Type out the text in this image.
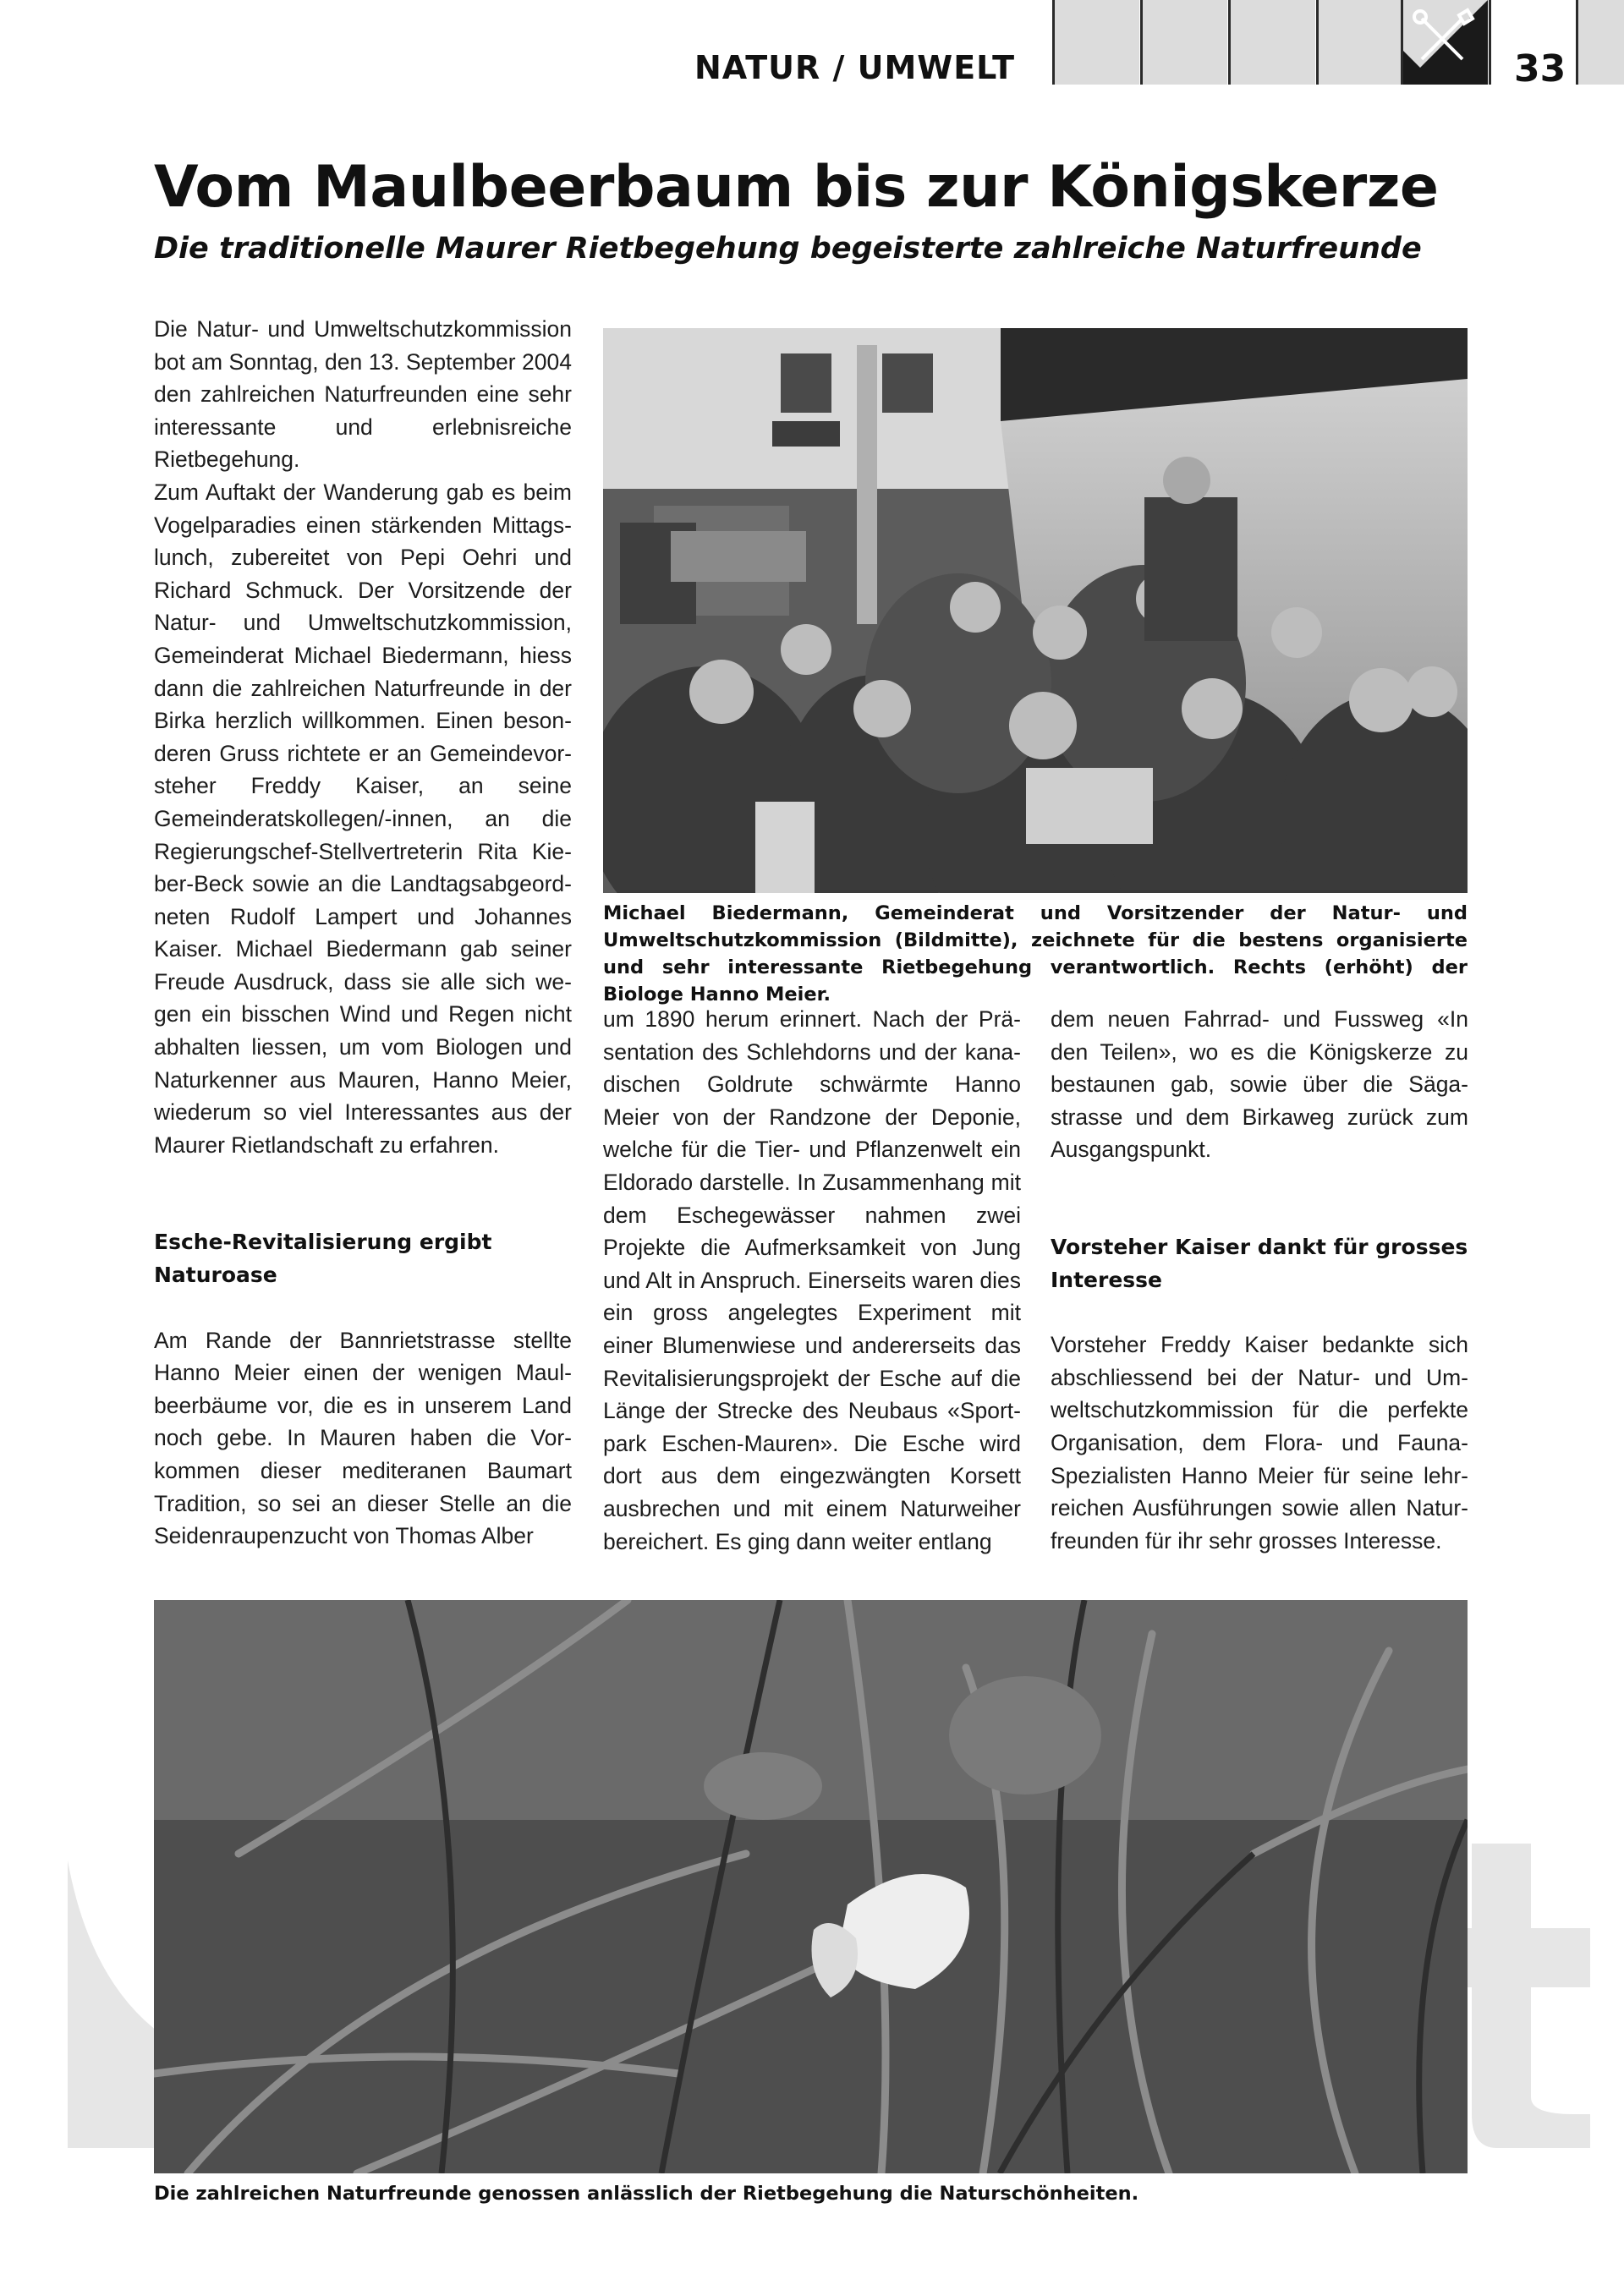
NATUR / UMWELT	33
Vom Maulbeerbaum bis zur Königskerze
Die traditionelle Maurer Rietbegehung begeisterte zahlreiche Naturfreunde

Die Natur- und Umweltschutzkommission bot am Sonntag, den 13. September 2004 den zahlreichen Naturfreunden eine sehr interessante und erlebnisreiche Rietbegehung.

Zum Auftakt der Wanderung gab es beim Vogelparadies einen stärkenden Mittagslunch, zubereitet von Pepi Oehri und Richard Schmuck. Der Vorsitzende der Natur- und Umweltschutzkommission, Gemeinderat Michael Biedermann, hiess dann die zahlreichen Naturfreunde in der Birka herzlich willkommen. Einen besonderen Gruss richtete er an Gemeindevorsteher Freddy Kaiser, an seine Gemeinderatskollegen/-innen, an die Regierungschef-Stellvertreterin Rita Kieber-Beck sowie an die Landtagsabgeordneten Rudolf Lampert und Johannes Kaiser. Michael Biedermann gab seiner Freude Ausdruck, dass sie alle sich wegen ein bisschen Wind und Regen nicht abhalten liessen, um vom Biologen und Naturkenner aus Mauren, Hanno Meier, wiederum so viel Interessantes aus der Maurer Rietlandschaft zu erfahren.

Esche-Revitalisierung ergibt Naturoase

Am Rande der Bannrietstrasse stellte Hanno Meier einen der wenigen Maulbeerbäume vor, die es in unserem Land noch gebe. In Mauren haben die Vorkommen dieser mediteranen Baumart Tradition, so sei an dieser Stelle an die Seidenraupenzucht von Thomas Alber

Michael Biedermann, Gemeinderat und Vorsitzender der Natur- und Umweltschutzkommission (Bildmitte), zeichnete für die bestens organisierte und sehr interessante Rietbegehung verantwortlich. Rechts (erhöht) der Biologe Hanno Meier.

um 1890 herum erinnert. Nach der Präsentation des Schlehdorns und der kanadischen Goldrute schwärmte Hanno Meier von der Randzone der Deponie, welche für die Tier- und Pflanzenwelt ein Eldorado darstelle. In Zusammenhang mit dem Eschegewässer nahmen zwei Projekte die Aufmerksamkeit von Jung und Alt in Anspruch. Einerseits waren dies ein gross angelegtes Experiment mit einer Blumenwiese und andererseits das Revitalisierungsprojekt der Esche auf die Länge der Strecke des Neubaus «Sportpark Eschen-Mauren». Die Esche wird dort aus dem eingezwängten Korsett ausbrechen und mit einem Naturweiher bereichert. Es ging dann weiter entlang

dem neuen Fahrrad- und Fussweg «In den Teilen», wo es die Königskerze zu bestaunen gab, sowie über die Sägastrasse und dem Birkaweg zurück zum Ausgangspunkt.

Vorsteher Kaiser dankt für grosses Interesse

Vorsteher Freddy Kaiser bedankte sich abschliessend bei der Natur- und Umweltschutzkommission für die perfekte Organisation, dem Flora- und Fauna-Spezialisten Hanno Meier für seine lehrreichen Ausführungen sowie allen Naturfreunden für ihr sehr grosses Interesse.

Die zahlreichen Naturfreunde genossen anlässlich der Rietbegehung die Naturschönheiten.
